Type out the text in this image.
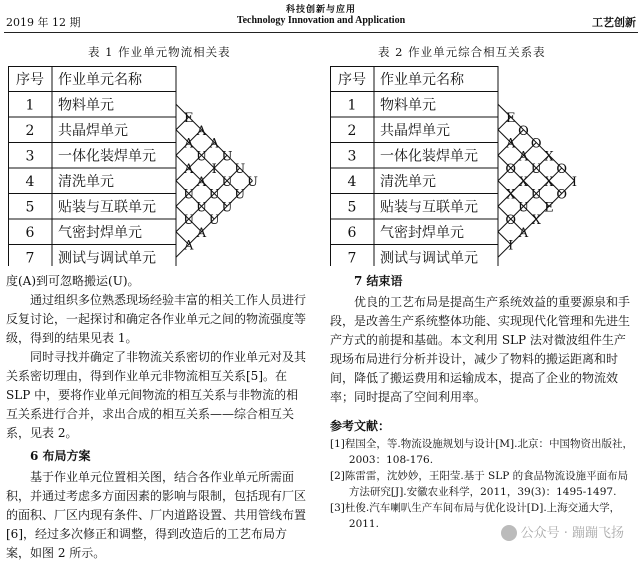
2019 年 12 期
科技创新与应用
Technology Innovation and Application	工艺创新
表 1 作业单元物流相关表	表 2 作业单元综合相互关系表
序号 作业单元名称
1 物料单元
2 共晶焊单元
3 一体化装焊单元
4 清洗单元
5 贴装与互联单元
6 气密封焊单元
7 测试与调试单元
E
A
A
U
U
U
A
U
I
U
U
A
A
U
U
U
U
U
U
A
A
序号 作业单元名称
1 物料单元
2 共晶焊单元
3 一体化装焊单元
4 清洗单元
5 贴装与互联单元
6 气密封焊单元
7 测试与调试单元
E
O
O
X
O
I
A
A
U
X
O
O
X
U
E
X
U
X
O
A
I

度(A)到可忽略搬运(U)。

通过组织多位熟悉现场经验丰富的相关工作人员进行反复讨论，一起探讨和确定各作业单元之间的物流强度等级，得到的结果见表 1。

同时寻找并确定了非物流关系密切的作业单元对及其关系密切理由，得到作业单元非物流相互关系[5]。在 SLP 中，要将作业单元间物流的相互关系与非物流的相互关系进行合并，求出合成的相互关系——综合相互关系，见表 2。

6 布局方案

基于作业单元位置相关图，结合各作业单元所需面积，并通过考虑多方面因素的影响与限制，包括现有厂区的面积、厂区内现有条件、厂内道路设置、共用管线布置[6]，经过多次修正和调整，得到改造后的工艺布局方案，如图 2 所示。

7 结束语

优良的工艺布局是提高生产系统效益的重要源泉和手段，是改善生产系统整体功能、实现现代化管理和先进生产方式的前提和基础。本文利用 SLP 法对微波组件生产现场布局进行分析并设计，减少了物料的搬运距离和时间，降低了搬运费用和运输成本，提高了企业的物流效率；同时提高了空间利用率。

参考文献：

[1]程国全，等.物流设施规划与设计[M].北京：中国物资出版社，2003：108-176.

[2]陈雷雷，沈妙妙，王阳莹.基于 SLP 的食品物流设施平面布局方法研究[J].安徽农业科学，2011，39(3)：1495-1497.

[3]杜俊.汽车喇叭生产车间布局与优化设计[D].上海交通大学，2011.

公众号 · 蹦蹦飞扬
